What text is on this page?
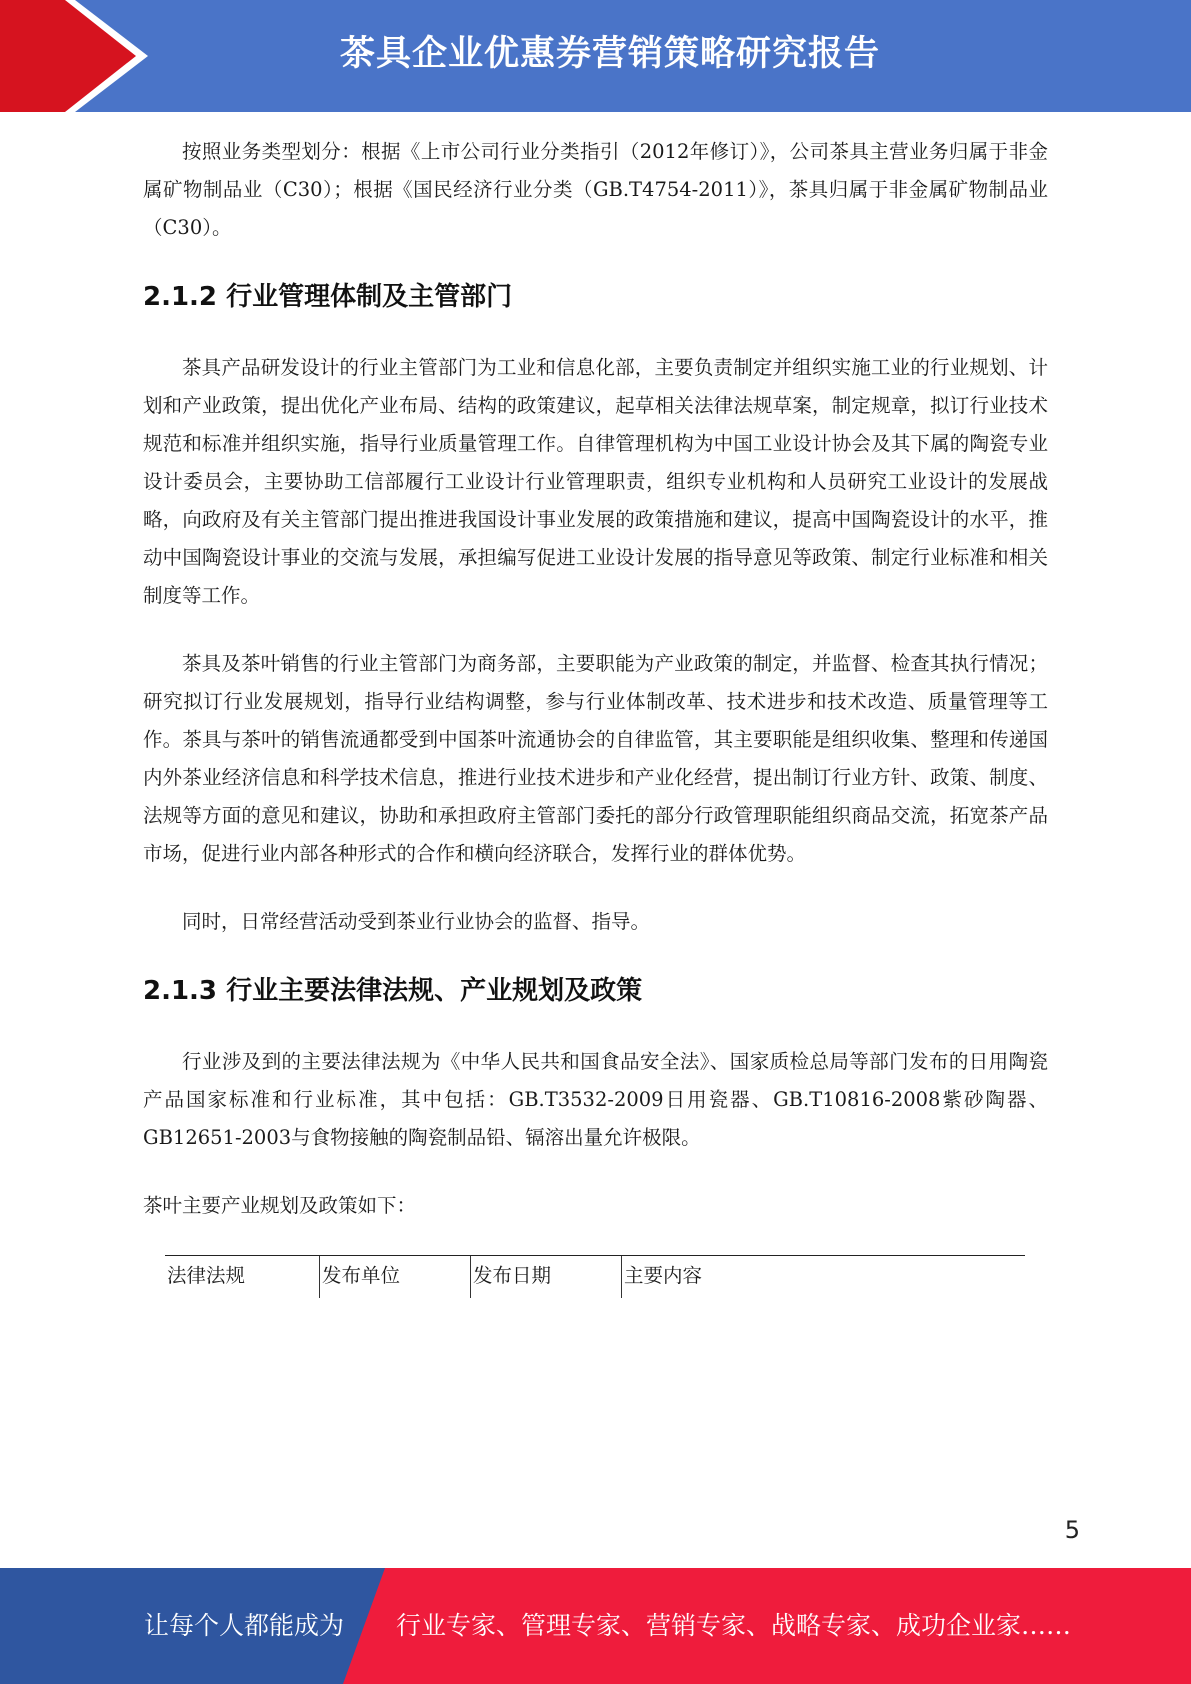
茶具企业优惠券营销策略研究报告

按照业务类型划分：根据《上市公司行业分类指引（2012年修订）》，公司茶具主营业务归属于非金属矿物制品业（C30）；根据《国民经济行业分类（GB.T4754-2011）》，茶具归属于非金属矿物制品业（C30）。

2.1.2 行业管理体制及主管部门

茶具产品研发设计的行业主管部门为工业和信息化部，主要负责制定并组织实施工业的行业规划、计划和产业政策，提出优化产业布局、结构的政策建议，起草相关法律法规草案，制定规章，拟订行业技术规范和标准并组织实施，指导行业质量管理工作。自律管理机构为中国工业设计协会及其下属的陶瓷专业设计委员会，主要协助工信部履行工业设计行业管理职责，组织专业机构和人员研究工业设计的发展战略，向政府及有关主管部门提出推进我国设计事业发展的政策措施和建议，提高中国陶瓷设计的水平，推动中国陶瓷设计事业的交流与发展，承担编写促进工业设计发展的指导意见等政策、制定行业标准和相关制度等工作。

茶具及茶叶销售的行业主管部门为商务部，主要职能为产业政策的制定，并监督、检查其执行情况；研究拟订行业发展规划，指导行业结构调整，参与行业体制改革、技术进步和技术改造、质量管理等工作。茶具与茶叶的销售流通都受到中国茶叶流通协会的自律监管，其主要职能是组织收集、整理和传递国内外茶业经济信息和科学技术信息，推进行业技术进步和产业化经营，提出制订行业方针、政策、制度、法规等方面的意见和建议，协助和承担政府主管部门委托的部分行政管理职能组织商品交流，拓宽茶产品市场，促进行业内部各种形式的合作和横向经济联合，发挥行业的群体优势。

同时，日常经营活动受到茶业行业协会的监督、指导。

2.1.3 行业主要法律法规、产业规划及政策

行业涉及到的主要法律法规为《中华人民共和国食品安全法》、国家质检总局等部门发布的日用陶瓷产品国家标准和行业标准，其中包括：GB.T3532-2009日用瓷器、GB.T10816-2008紫砂陶器、GB12651-2003与食物接触的陶瓷制品铅、镉溶出量允许极限。

茶叶主要产业规划及政策如下：

法律法规	发布单位	发布日期	主要内容
5
让每个人都能成为 行业专家、管理专家、营销专家、战略专家、成功企业家……
